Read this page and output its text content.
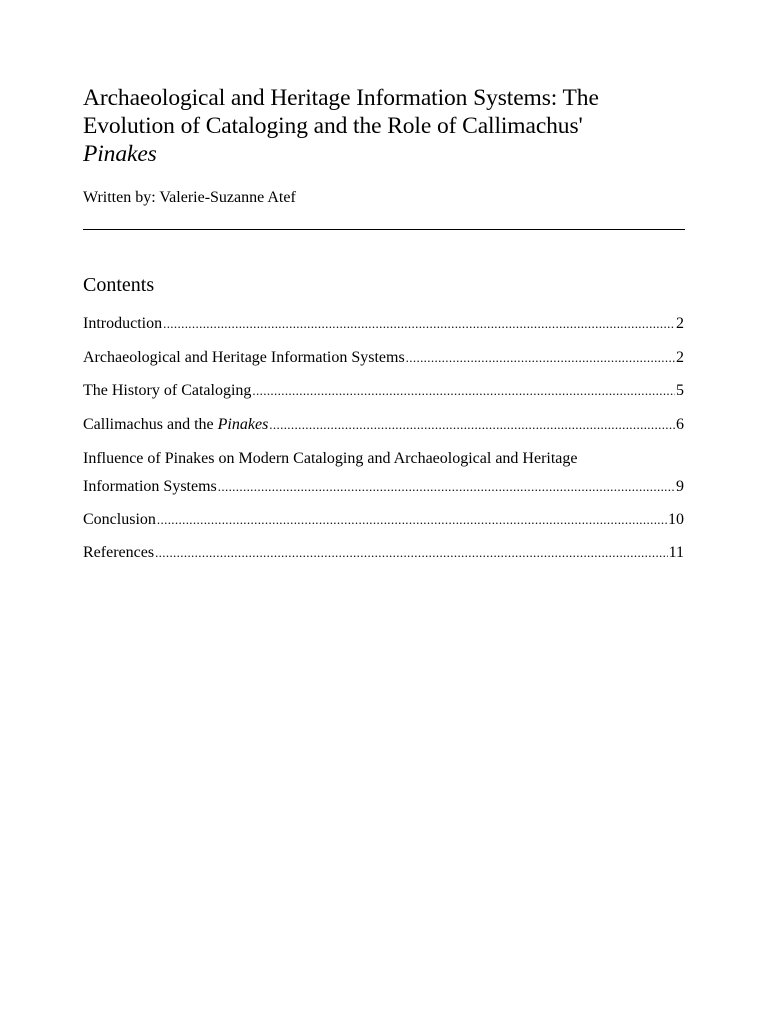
Archaeological and Heritage Information Systems: The
Evolution of Cataloging and the Role of Callimachus'
Pinakes

Written by: Valerie-Suzanne Atef

Contents
Introduction .....	2
Archaeological and Heritage Information Systems .....	2
The History of Cataloging .....	5
Callimachus and the Pinakes .....	6
Influence of Pinakes on Modern Cataloging and Archaeological and Heritage
Information Systems .....	9
Conclusion .....	10
References .....	11
